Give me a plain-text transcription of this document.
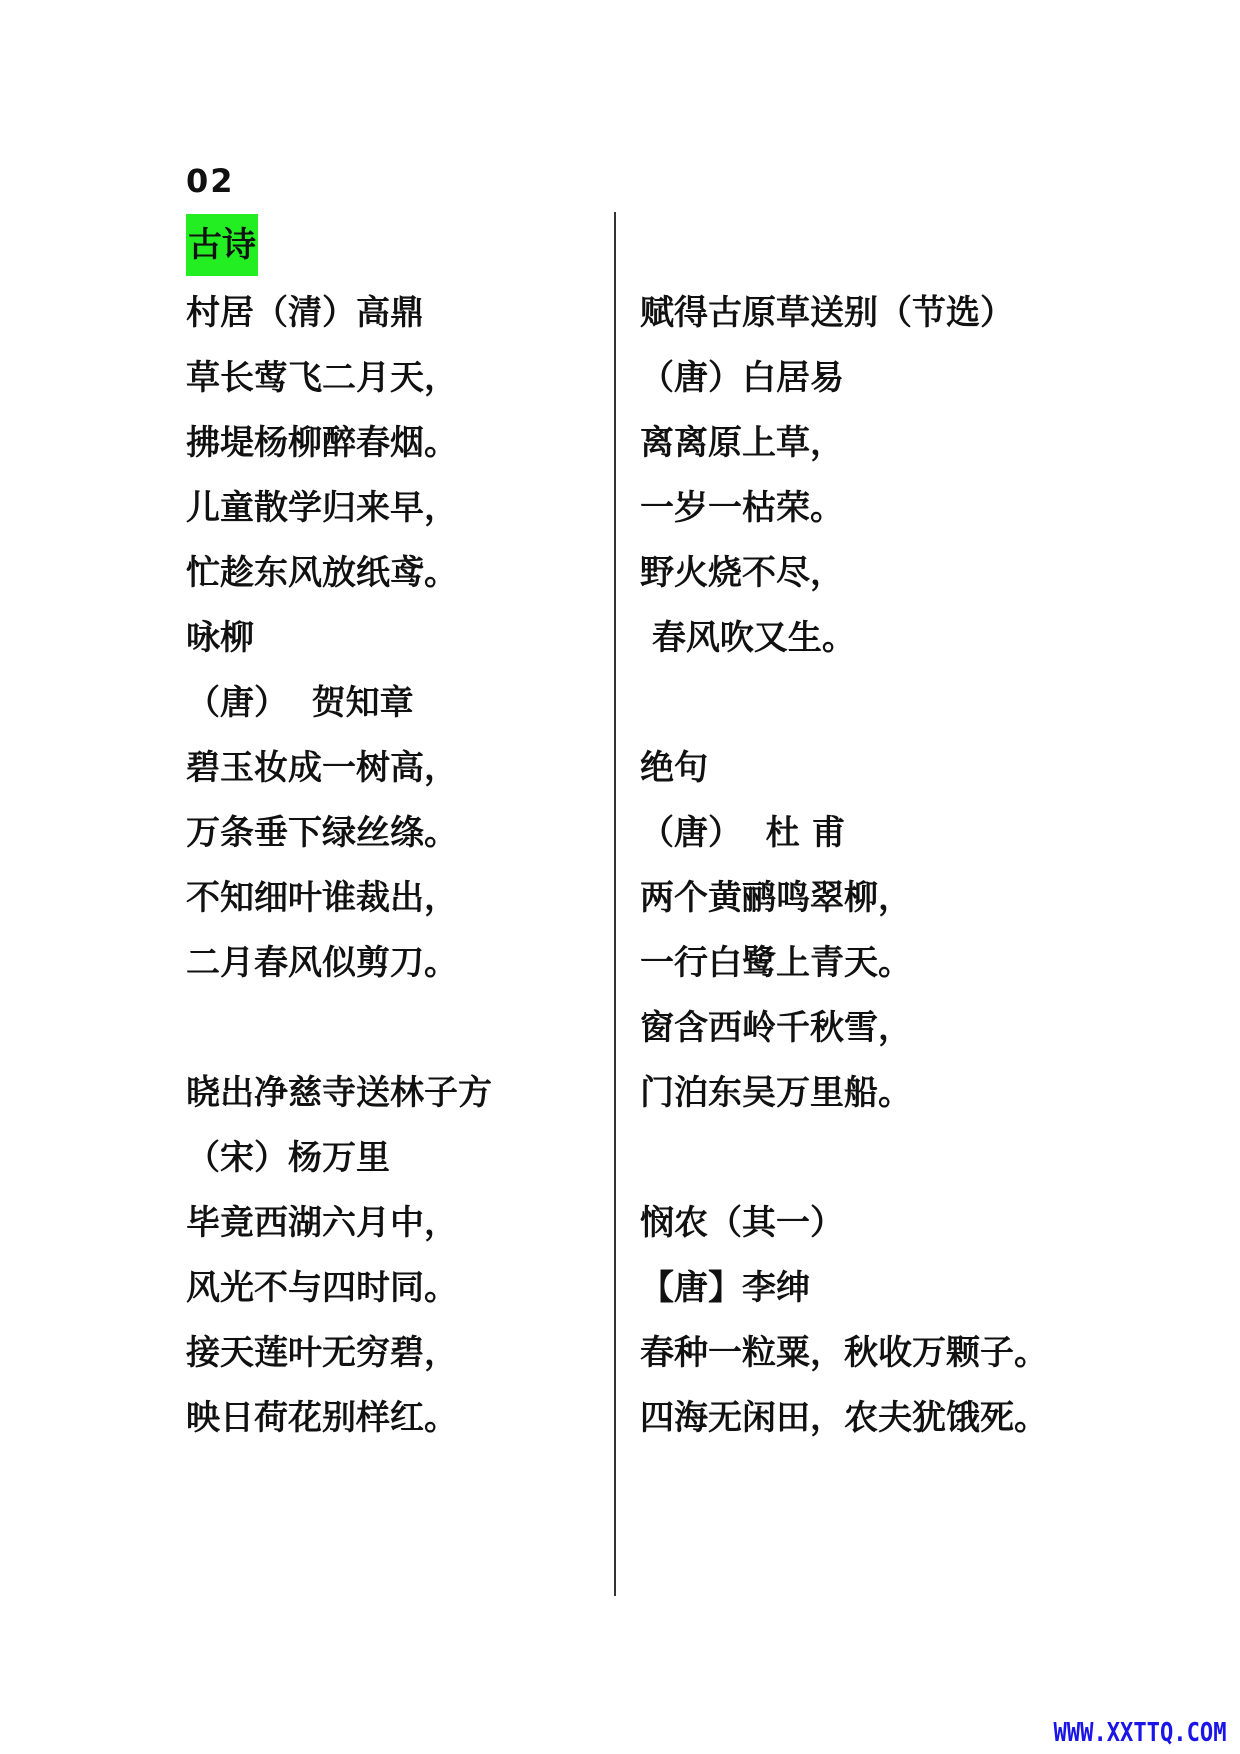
02
古诗
村居（清）高鼎
草长莺飞二月天，
拂堤杨柳醉春烟。
儿童散学归来早，
忙趁东风放纸鸢。
咏柳
（唐）  贺知章
碧玉妆成一树高，
万条垂下绿丝绦。
不知细叶谁裁出，
二月春风似剪刀。
晓出净慈寺送林子方
（宋）杨万里
毕竟西湖六月中，
风光不与四时同。
接天莲叶无穷碧，
映日荷花别样红。
赋得古原草送别（节选）
（唐）白居易
离离原上草，
一岁一枯荣。
野火烧不尽，
春风吹又生。
绝句
（唐）  杜 甫
两个黄鹂鸣翠柳，
一行白鹭上青天。
窗含西岭千秋雪，
门泊东吴万里船。
悯农（其一）
【唐】李绅
春种一粒粟，秋收万颗子。
四海无闲田，农夫犹饿死。
WWW.XXTTQ.COM
